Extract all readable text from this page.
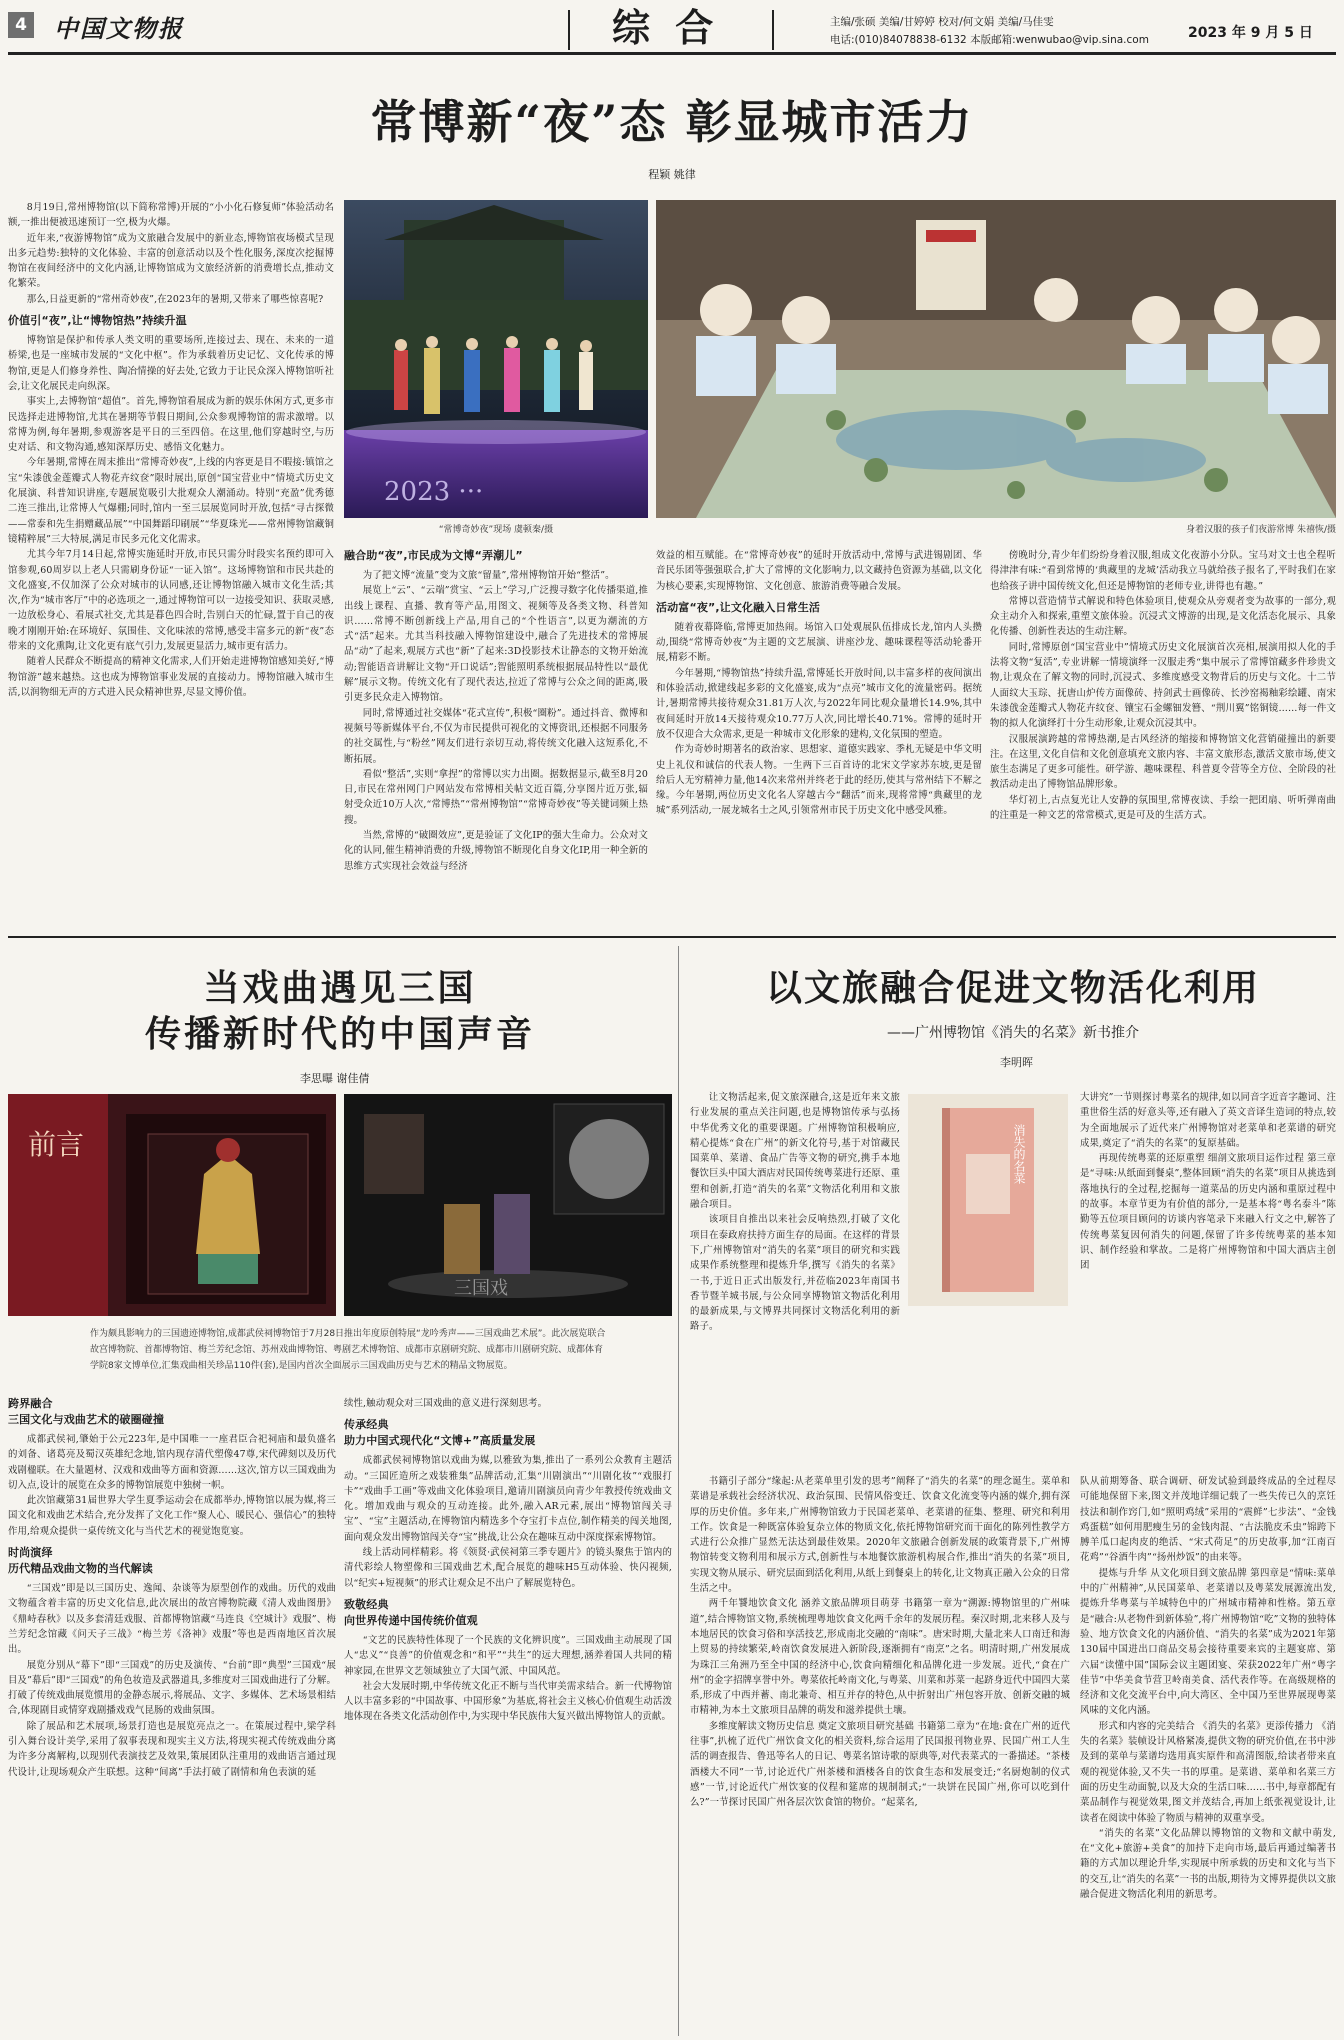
4 中国文物报	综 合	主编/张硕 美编/甘婷婷 校对/何文娟 美编/马佳雯
电话:(010)84078838-6132 本版邮箱:wenwubao@vip.sina.com	2023 年 9 月 5 日
常博新“夜”态 彰显城市活力
程颖 姚律

8月19日,常州博物馆(以下简称常博)开展的“小小化石修复师”体验活动名额,一推出便被迅速预订一空,极为火爆。

近年来,“夜游博物馆”成为文旅融合发展中的新业态,博物馆夜场模式呈现出多元趋势:独特的文化体验、丰富的创意活动以及个性化服务,深度次挖掘博物馆在夜间经济中的文化内涵,让博物馆成为文旅经济新的消费增长点,推动文化繁荣。

那么,日益更新的“常州奇妙夜”,在2023年的暑期,又带来了哪些惊喜呢?

价值引“夜”,让“博物馆热”持续升温

博物馆是保护和传承人类文明的重要场所,连接过去、现在、未来的一道桥梁,也是一座城市发展的“文化中枢”。作为承载着历史记忆、文化传承的博物馆,更是人们修身养性、陶冶情操的好去处,它致力于让民众深入博物馆听社会,让文化展民走向纵深。

事实上,去博物馆“超值”。首先,博物馆看展成为新的娱乐休闲方式,更多市民选择走进博物馆,尤其在暑期等节假日期间,公众参观博物馆的需求激增。以常博为例,每年暑期,参观游客是平日的三至四倍。在这里,他们穿越时空,与历史对话、和文物沟通,感知深厚历史、感悟文化魅力。

今年暑期,常博在周末推出“常博奇妙夜”,上线的内容更是目不暇接:镇馆之宝“朱漆戗金莲瓣式人物花卉纹奁”限时展出,原创“国宝营业中”情境式历史文化展演、科普知识讲座,专题展览吸引大批观众人潮涌动。特别“充盈”优秀德二连三推出,让常博人气爆棚;同时,馆内一至三层展览同时开放,包括“寻古探微——常泰和先生捐赠藏品展”“中国舞蹈印刷展”“华夏珠光——常州博物馆藏铜镜精粹展”三大特展,满足市民多元化文化需求。

尤其今年7月14日起,常博实施延时开放,市民只需分时段实名预约即可入馆参观,60周岁以上老人只需刷身份证“一证入馆”。这场博物馆和市民共赴的文化盛宴,不仅加深了公众对城市的认同感,还让博物馆融入城市文化生活;其次,作为“城市客厅”中的必选项之一,通过博物馆可以一边接受知识、获取灵感,一边放松身心、看展式社交,尤其是暮色四合时,告别白天的忙碌,置于自己的夜晚才刚刚开始:在环境好、氛围佳、文化味浓的常博,感受丰富多元的新“夜”态带来的文化熏陶,让文化更有底气引力,发展更显活力,城市更有活力。

随着人民群众不断提高的精神文化需求,人们开始走进博物馆感知美好,“博物馆游”越来越热。这也成为博物馆事业发展的直接动力。博物馆融入城市生活,以润物细无声的方式进入民众精神世界,尽显文博价值。

2023 ···
“常博奇妙夜”现场 虞顿秦/摄	身着汉服的孩子们夜游常博 朱禧恢/摄
融合助“夜”,市民成为文博“弄潮儿”

为了把文博“流量”变为文旅“留量”,常州博物馆开始“整活”。

展览上“云”、“云端”赏宝、“云上”学习,广泛搜寻数字化传播渠道,推出线上课程、直播、教育等产品,用图文、视频等及各类文物、科普知识……常博不断创新线上产品,用自己的“个性语言”,以更为潮流的方式“活”起来。尤其当科技融入博物馆建设中,融合了先进技术的常博展品“动”了起来,观展方式也“新”了起来:3D投影技术让静态的文物开始流动;智能语音讲解让文物“开口说话”;智能照明系统根据展品特性以“最优解”展示文物。传统文化有了现代表达,拉近了常博与公众之间的距离,吸引更多民众走入博物馆。

同时,常博通过社交媒体“花式宣传”,积极“圈粉”。通过抖音、微博和视频号等新媒体平台,不仅为市民提供可视化的文博资讯,还根据不同服务的社交属性,与“粉丝”网友们进行亲切互动,将传统文化融入这短系化,不断拓展。

看似“整活”,实则“拿捏”的常博以实力出圈。据数据显示,截至8月20日,市民在常州网门户网站发布常博相关帖文近百篇,分享图片近万张,辐射受众近10万人次,“常博热”“常州博物馆”“常博奇妙夜”等关键词频上热搜。

当然,常博的“破圈效应”,更是验证了文化IP的强大生命力。公众对文化的认同,催生精神消费的升级,博物馆不断现化自身文化IP,用一种全新的思维方式实现社会效益与经济

效益的相互赋能。在“常博奇妙夜”的延时开放活动中,常博与武进锡剧团、华音民乐团等强强联合,扩大了常博的文化影响力,以文藏持色资源为基础,以文化为核心要素,实现博物馆、文化创意、旅游消费等融合发展。

活动富“夜”,让文化融入日常生活

随着夜幕降临,常博更加热闹。场馆入口处观展队伍排成长龙,馆内人头攒动,围绕“常博奇妙夜”为主题的文艺展演、讲座沙龙、趣味课程等活动轮番开展,精彩不断。

今年暑期,“博物馆热”持续升温,常博延长开放时间,以丰富多样的夜间演出和体验活动,掀建线起多彩的文化盛宴,成为“点亮”城市文化的流量密码。据统计,暑期常博共接待观众31.81万人次,与2022年同比观众量增长14.9%,其中夜间延时开放14天接待观众10.77万人次,同比增长40.71%。常博的延时开放不仅迎合大众需求,更是一种城市文化形象的建构,文化氛围的塑造。

作为奇妙时期著名的政治家、思想家、道德实践家、季札无疑是中华文明史上礼仪和诚信的代表人物。一生两下三百首诗的北宋文学家苏东坡,更是留给后人无穷精神力量,他14次来常州并终老于此的经历,使其与常州结下不解之缘。今年暑期,两位历史文化名人穿越古今“翻活”而来,现将常博“典藏里的龙城”系列活动,一展龙城名士之风,引领常州市民于历史文化中感受风雅。

傍晚时分,青少年们纷纷身着汉服,组成文化夜游小分队。宝马对文士也全程听得津津有味:“看到常博的‘典藏里的龙城’活动我立马就给孩子报名了,平时我们在家也给孩子讲中国传统文化,但还是博物馆的老师专业,讲得也有趣。”

常博以营造情节式解说和特色体验项目,使观众从旁观者变为故事的一部分,观众主动介入和探索,重塑文旅体验。沉浸式文博游的出现,是文化活态化展示、具象化传播、创新性表达的生动注解。

同时,常博原创“国宝营业中”情境式历史文化展演首次亮相,展演用拟人化的手法将文物“复活”,专业讲解一情境演绎一汉服走秀“集中展示了常博馆藏多件珍贵文物,让观众在了解文物的同时,沉浸式、多维度感受文物背后的历史与文化。十二节人面纹大玉琮、抚唐山炉传方面像砖、持剑武士画像砖、长沙窑褐釉彩绘罐、南宋朱漆戗金莲瓣式人物花卉纹奁、镶宝石金螺钿发簪、“荆川翼”铭铜镜……每一件文物的拟人化演绎打十分生动形象,让观众沉浸其中。

汉服展演跨越的常博热潮,是古风经济的缩接和博物馆文化营销碰撞出的新要注。在这里,文化自信和文化创意填充文旅内容、丰富文旅形态,激活文旅市场,使文旅生态满足了更多可能性。研学游、趣味课程、科普夏令营等全方位、全阶段的社教活动走出了博物馆品牌形象。

华灯初上,古点复光让人安静的氛围里,常博夜读、手绘一把团扇、听听弹南曲的注重是一种文艺的常常模式,更是可及的生活方式。

当戏曲遇见三国
传播新时代的中国声音
李思曝 谢佳倩
前言
三国戏
作为颇具影响力的三国遗迹博物馆,成都武侯祠博物馆于7月28日推出年度原创特展“龙吟秀声——三国戏曲艺术展”。此次展览联合故宫博物院、首都博物馆、梅兰芳纪念馆、苏州戏曲博物馆、粤剧艺术博物馆、成都市京剧研究院、成都市川剧研究院、成都体育学院8家文博单位,汇集戏曲相关珍品110件(套),是国内首次全面展示三国戏曲历史与艺术的精品文物展览。
跨界融合
三国文化与戏曲艺术的破圈碰撞

成都武侯祠,肇始于公元223年,是中国唯一一座君臣合祀祠庙和最负盛名的刘备、诸葛亮及蜀汉英雄纪念地,馆内现存清代塑像47尊,宋代碑刻以及历代戏剧楹联。在大量题材、汉戏和戏曲等方面和资源……这次,馆方以三国戏曲为切入点,设计的展览在众多的博物馆展览中独树一帜。

此次馆藏第31届世界大学生夏季运动会在成都举办,博物馆以展为媒,将三国文化和戏曲艺术结合,充分发挥了文化工作“聚人心、暖民心、强信心”的独特作用,给观众提供一桌传统文化与当代艺术的视觉饱览宴。

时尚演绎
历代精品戏曲文物的当代解读

“三国戏”即是以三国历史、逸闻、杂谈等为原型创作的戏曲。历代的戏曲文物蕴含着丰富的历史文化信息,此次展出的故宫博物院藏《清人戏曲图册》《鼎峙春秋》以及多套清廷戏服、首都博物馆藏“马连良《空城计》戏服”、梅兰芳纪念馆藏《问天子三战》“梅兰芳《洛神》戏服”等也是西南地区首次展出。

展览分别从“幕下”即“三国戏”的历史及演传、“台前”即“典型”三国戏“展目及”幕后”即“三国戏”的角色妆造及武器道具,多维度对三国戏曲进行了分解。打破了传统戏曲展览惯用的金静态展示,将展品、文字、多媒体、艺术场景相结合,体现剧目或情穿戏剧播戏戏气昆肠的戏曲氛围。

除了展品和艺术展项,场景打造也是展览亮点之一。在策展过程中,梁学科引入舞台设计美学,采用了叙事表现和现实主义方法,将现实视式传统戏曲分离为许多分离解构,以现别代表演技艺及效果,策展团队注重用的戏曲语言通过现代设计,让现场观众产生联想。这种“间离”手法打破了剧情和角色表演的延

续性,触动观众对三国戏曲的意义进行深刻思考。

传承经典
助力中国式现代化“文博+”高质量发展

成都武侯祠博物馆以戏曲为媒,以雅致为集,推出了一系列公众教育主题活动。“三国匠造所之戏装雅集”品牌活动,汇集“川剧演出”“川剧化妆”“戏服打卡”“戏曲手工画”等戏曲文化体验项目,邀请川剧演员向青少年教授传统戏曲文化。增加戏曲与观众的互动连接。此外,融入AR元素,展出“博物馆闯关寻宝”、“宝”主题活动,在博物馆内精选多个夺宝打卡点位,制作精美的闯关地图,面向观众发出博物馆闯关夺“宝”挑战,让公众在趣味互动中深度探索博物馆。

线上活动同样精彩。将《领贤·武侯祠第三季专题片》的镜头聚焦于馆内的清代彩绘人物塑像和三国戏曲艺术,配合展览的趣味H5互动体验、快闪视频,以“纪实+短视频”的形式让观众足不出户了解展览特色。

致敬经典
向世界传递中国传统价值观

“文艺的民族特性体现了一个民族的文化辨识度”。三国戏曲主动展现了国人“忠义”“良善”的价值观念和“和平”“共生”的远大理想,涵养着国人共同的精神家园,在世界文艺领域独立了大国气派、中国风范。

社会大发展时期,中华传统文化正不断与当代审美需求结合。新一代博物馆人以丰富多彩的“中国故事、中国形象”为基底,将社会主义核心价值观生动活泼地体现在各类文化活动创作中,为实现中华民族伟大复兴做出博物馆人的贡献。

以文旅融合促进文物活化利用
——广州博物馆《消失的名菜》新书推介
李明晖

让文物活起来,促文旅深融合,这是近年来文旅行业发展的重点关注问题,也是博物馆传承与弘扬中华优秀文化的重要课题。广州博物馆积极响应,精心提炼“食在广州”的新文化符号,基于对馆藏民国菜单、菜谱、食品广告等文物的研究,携手本地餐饮巨头中国大酒店对民国传统粤菜进行还原、重塑和创新,打造“消失的名菜”文物活化利用和文旅融合项目。

该项目自推出以来社会反响热烈,打破了文化项目在泰政府扶持方面生存的局面。在这样的背景下,广州博物馆对“消失的名菜”项目的研究和实践成果作系统整理和提炼升华,撰写《消失的名菜》一书,于近日正式出版发行,并莅临2023年南国书香节暨羊城书展,与公众同享博物馆文物活化利用的最新成果,与文博界共同探讨文物活化利用的新路子。

消失的名菜

大讲究”一节则探讨粤菜名的规律,如以同音字近音字趣词、注重世俗生活的好意头等,还有融入了英文音译生造词的特点,较为全面地展示了近代来广州博物馆对老菜单和老菜谱的研究成果,奠定了“消失的名菜”的复原基础。

再现传统粤菜的还原重塑 细剖文旅项目运作过程 第三章是“寻味:从纸面到餐桌”,整体回顾“消失的名菜”项目从挑选到落地执行的全过程,挖掘每一道菜品的历史内涵和重原过程中的故事。本章节更为有价值的部分,一是基本将“粤名泰斗”陈勤等五位项目顾问的访谈内容笔录下来融入行文之中,解答了传统粤菜复因何消失的问题,保留了许多传统粤菜的基本知识、制作经验和掌故。二是将广州博物馆和中国大酒店主创团

书籍引子部分“缘起:从老菜单里引发的思考”阐释了“消失的名菜”的理念诞生。菜单和菜谱是承载社会经济状况、政治氛围、民情风俗变迁、饮食文化流变等内涵的媒介,拥有深厚的历史价值。多年来,广州博物馆致力于民国老菜单、老菜谱的征集、整理、研究和利用工作。饮食是一种既富体验复杂立体的物质文化,依托博物馆研究而干面化的陈列性教学方式进行公众推广显然无法达到最佳效果。2020年文旅融合创新发展的政策背景下,广州博物馆转变文物利用和展示方式,创新性与本地餐饮旅游机构展合作,推出“消失的名菜”项目,实现文物从展示、研究层面到活化利用,从纸上到餐桌上的转化,让文物真正融入公众的日常生活之中。

两千年饕地饮食文化 涵养文旅品牌项目萌芽 书籍第一章为“溯源:博物馆里的广州味道”,结合博物馆文物,系统梳理粤地饮食文化两千余年的发展历程。秦汉时期,北来移人及与本地居民的饮食习俗和享活技艺,形成南北交融的“南味”。唐宋时期,大量北来人口南迁和海上贸易的持续繁荣,岭南饮食发展进入新阶段,逐渐拥有“南烹”之名。明清时期,广州发展成为珠江三角洲乃至全中国的经济中心,饮食向精细化和品牌化进一步发展。近代,“食在广州”的金字招牌享誉中外。粤菜依托岭南文化,与粤菜、川菜和苏菜一起跻身近代中国四大菜系,形成了中西并蓄、南北兼奇、相互并存的特色,从中折射出广州包容开放、创新交融的城市精神,为本土文旅项目品牌的萌发和滋养提供土壤。

多维度解读文物历史信息 奠定文旅项目研究基础 书籍第二章为“在地:食在广州的近代往事”,扒梳了近代广州饮食文化的相关资料,综合运用了民国报刊物业界、民国广州工人生活的调查报告、鲁迅等名人的日记、粤菜名馆诗歌的原典等,对代表菜式的一番描述。“茶楼酒楼大不同”一节,讨论近代广州茶楼和酒楼各自的饮食生态和发展变迁;“名厨炮制的仪式感”一节,讨论近代广州饮宴的仪程和筵席的规制制式;“一块饼在民国广州,你可以吃到什么?”一节探讨民国广州各层次饮食馆的物价。“起菜名,

队从前期筹备、联合调研、研发试验到最终成品的全过程尽可能地保留下来,图文并茂地详细记载了一些失传已久的烹饪技法和制作窍门,如“照明鸡绒”采用的“震鲜”七步法”、“金钱鸡蛋糕”如何用肥瘦生另的金钱肉混、“古法脆皮禾虫”锦跨下膊羊瓜口起肉皮的绝活、“宋式荷足”的历史故事,加“江南百花鸡”“谷酒牛肉”“扬州炒饭”的由来等。

提炼与升华 从文化项目到文旅品牌 第四章是“情味:菜单中的广州精神”,从民国菜单、老菜谱以及粤菜发展源流出发,提炼升华粤菜与羊城特色中的广州城市精神和性格。第五章是“融合:从老物件到新体验”,将广州博物馆“吃”文物的独特体验、地方饮食文化的内涵价值、“消失的名菜”成为2021年第130届中国进出口商品交易会接待重要来宾的主题宴席、第六届“读懂中国”国际会议主题团宴、荣获2022年广州“粤字佳节”中华美食节营卫岭南美食、活代表作等。在高级规格的经济和文化交流平台中,向大湾区、全中国乃至世界展现粤菜风味的文化内涵。

形式和内容的完美结合 《消失的名菜》更添传播力 《消失的名菜》装帧设计风格紧凑,提供文物的研究价值,在书中涉及到的菜单与菜谱均选用真实原件和高清图版,给读者带来直观的视觉体验,又不失一书的厚重。是菜谱、菜单和名菜三方面的历史生动面貌,以及大众的生活口味……书中,每章都配有菜品制作与视觉效果,图文并茂结合,再加上纸张视觉设计,让读者在阅读中体验了物质与精神的双重享受。

“消失的名菜”文化品牌以博物馆的文物和文献中萌发,在“文化+旅游+美食”的加持下走向市场,最后再通过编著书籍的方式加以理论升华,实现展中所承载的历史和文化与当下的交互,让“消失的名菜”一书的出版,期待为文博界提供以文旅融合促进文物活化利用的新思考。
